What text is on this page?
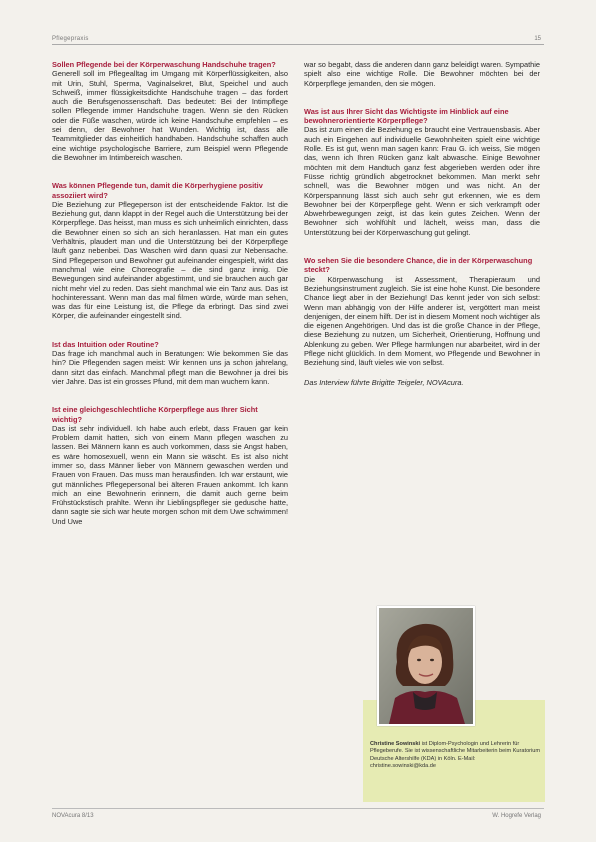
Pflegepraxis	15

Sollen Pflegende bei der Körperwaschung Handschuhe tragen?

Generell soll im Pflegealltag im Umgang mit Körperflüssigkeiten, also mit Urin, Stuhl, Sperma, Vaginalsekret, Blut, Speichel und auch Schweiß, immer flüssigkeitsdichte Handschuhe tragen – das fordert auch die Berufsgenossenschaft. Das bedeutet: Bei der Intimpflege sollen Pflegende immer Handschuhe tragen. Wenn sie den Rücken oder die Füße waschen, würde ich keine Handschuhe empfehlen – es sei denn, der Bewohner hat Wunden. Wichtig ist, dass alle Teammitglieder das einheitlich handhaben. Handschuhe schaffen auch eine wichtige psychologische Barriere, zum Beispiel wenn Pflegende die Bewohner im Intimbereich waschen.

Was können Pflegende tun, damit die Körperhygiene positiv assoziiert wird?

Die Beziehung zur Pflegeperson ist der entscheidende Faktor. Ist die Beziehung gut, dann klappt in der Regel auch die Unterstützung bei der Körperpflege. Das heisst, man muss es sich unheimlich einrichten, dass die Bewohner einen so sich an sich heranlassen. Hat man ein gutes Verhältnis, plaudert man und die Unterstützung bei der Körperpflege läuft ganz nebenbei. Das Waschen wird dann quasi zur Nebensache. Sind Pflegeperson und Bewohner gut aufeinander eingespielt, wirkt das manchmal wie eine Choreografie – die sind ganz innig. Die Bewegungen sind aufeinander abgestimmt, und sie brauchen auch gar nicht mehr viel zu reden. Das sieht manchmal wie ein Tanz aus. Das ist hochinteressant. Wenn man das mal filmen würde, würde man sehen, was das für eine Leistung ist, die Pflege da erbringt. Das sind zwei Körper, die aufeinander eingestellt sind.

Ist das Intuition oder Routine?

Das frage ich manchmal auch in Beratungen: Wie bekommen Sie das hin? Die Pflegenden sagen meist: Wir kennen uns ja schon jahrelang, dann sitzt das einfach. Manchmal pflegt man die Bewohner ja drei bis vier Jahre. Das ist ein grosses Pfund, mit dem man wuchern kann.

Ist eine gleichgeschlechtliche Körperpflege aus Ihrer Sicht wichtig?

Das ist sehr individuell. Ich habe auch erlebt, dass Frauen gar kein Problem damit hatten, sich von einem Mann pflegen waschen zu lassen. Bei Männern kann es auch vorkommen, dass sie Angst haben, es wäre homosexuell, wenn ein Mann sie wäscht. Es ist also nicht immer so, dass Männer lieber von Männern gewaschen werden und Frauen von Frauen. Das muss man herausfinden. Ich war erstaunt, wie gut männliches Pflegepersonal bei älteren Frauen ankommt. Ich kann mich an eine Bewohnerin erinnern, die damit auch gerne beim Frühstückstisch prahlte. Wenn ihr Lieblingspfleger sie gedusche hatte, dann sagte sie sich war heute morgen schon mit dem Uwe schwimmen! Und Uwe

war so begabt, dass die anderen dann ganz beleidigt waren. Sympathie spielt also eine wichtige Rolle. Die Bewohner möchten bei der Körperpflege jemanden, den sie mögen.

Was ist aus Ihrer Sicht das Wichtigste im Hinblick auf eine bewohnerorientierte Körperpflege?

Das ist zum einen die Beziehung es braucht eine Vertrauensbasis. Aber auch ein Eingehen auf individuelle Gewohnheiten spielt eine wichtige Rolle. Es ist gut, wenn man sagen kann: Frau G. ich weiss, Sie mögen das, wenn ich Ihren Rücken ganz kalt abwasche. Einige Bewohner möchten mit dem Handtuch ganz fest abgerieben werden oder ihre Füsse richtig gründlich abgetrocknet bekommen. Man merkt sehr schnell, was die Bewohner mögen und was nicht. An der Körperspannung lässt sich auch sehr gut erkennen, wie es dem Bewohner bei der Körperpflege geht. Wenn er sich verkrampft oder Abwehrbewegungen zeigt, ist das kein gutes Zeichen. Wenn der Bewohner sich wohlfühlt und lächelt, weiss man, dass die Unterstützung bei der Körperwaschung gut gelingt.

Wo sehen Sie die besondere Chance, die in der Körperwaschung steckt?

Die Körperwaschung ist Assessment, Therapieraum und Beziehungsinstrument zugleich. Sie ist eine hohe Kunst. Die besondere Chance liegt aber in der Beziehung! Das kennt jeder von sich selbst: Wenn man abhängig von der Hilfe anderer ist, vergöttert man meist denjenigen, der einem hilft. Der ist in diesem Moment noch wichtiger als die eigenen Angehörigen. Und das ist die große Chance in der Pflege, diese Beziehung zu nutzen, um Sicherheit, Orientierung, Hoffnung und Ablenkung zu geben. Wer Pflege harmlungen nur abarbeitet, wird in der Pflege nicht glücklich. In dem Moment, wo Pflegende und Bewohner in Beziehung sind, läuft vieles wie von selbst.

Das Interview führte Brigitte Teigeler, NOVAcura.

Christine Sowinski ist Diplom-Psychologin und Lehrerin für Pflegeberufe. Sie ist wissenschaftliche Mitarbeiterin beim Kuratorium Deutsche Altershilfe (KDA) in Köln. E-Mail: christine.sowinski@kda.de
NOVAcura 8/13	W. Hogrefe Verlag
